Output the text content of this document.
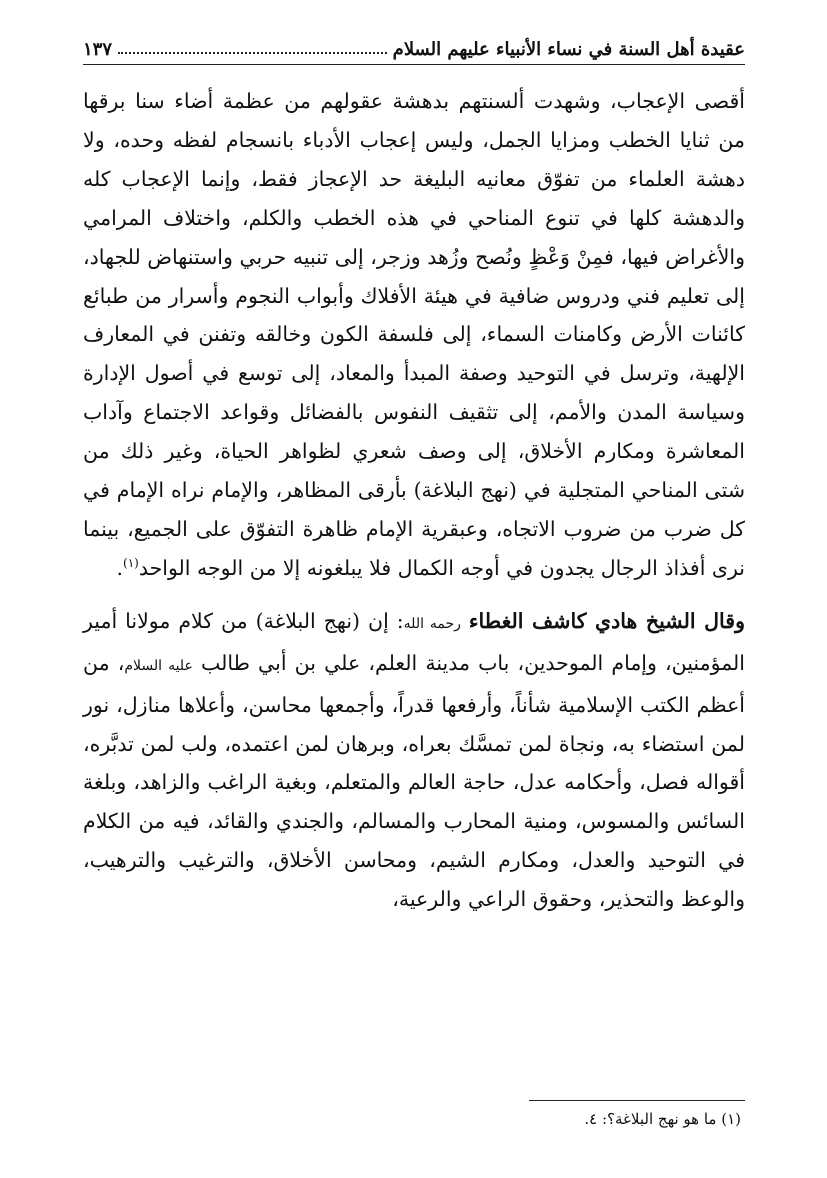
عقيدة أهل السنة في نساء الأنبياء عليهم السلام
١٣٧

أقصى الإعجاب، وشهدت ألسنتهم بدهشة عقولهم من عظمة أضاء سنا برقها من ثنايا الخطب ومزايا الجمل، وليس إعجاب الأدباء بانسجام لفظه وحده، ولا دهشة العلماء من تفوّق معانيه البليغة حد الإعجاز فقط، وإنما الإعجاب كله والدهشة كلها في تنوع المناحي في هذه الخطب والكلم، واختلاف المرامي والأغراض فيها، فمِنْ وَعْظٍ ونُصح وزُهد وزجر، إلى تنبيه حربي واستنهاض للجهاد، إلى تعليم فني ودروس ضافية في هيئة الأفلاك وأبواب النجوم وأسرار من طبائع كائنات الأرض وكامنات السماء، إلى فلسفة الكون وخالقه وتفنن في المعارف الإلهية، وترسل في التوحيد وصفة المبدأ والمعاد، إلى توسع في أصول الإدارة وسياسة المدن والأمم، إلى تثقيف النفوس بالفضائل وقواعد الاجتماع وآداب المعاشرة ومكارم الأخلاق، إلى وصف شعري لظواهر الحياة، وغير ذلك من شتى المناحي المتجلية في (نهج البلاغة) بأرقى المظاهر، والإمام نراه الإمام في كل ضرب من ضروب الاتجاه، وعبقرية الإمام ظاهرة التفوّق على الجميع، بينما نرى أفذاذ الرجال يجدون في أوجه الكمال فلا يبلغونه إلا من الوجه الواحد$^{(١)}$.

وقال الشيخ هادي كاشف الغطاء رحمه الله: إن (نهج البلاغة) من كلام مولانا أمير المؤمنين، وإمام الموحدين، باب مدينة العلم، علي بن أبي طالب عليه السلام، من أعظم الكتب الإسلامية شأناً، وأرفعها قدراً، وأجمعها محاسن، وأعلاها منازل، نور لمن استضاء به، ونجاة لمن تمسَّك بعراه، وبرهان لمن اعتمده، ولب لمن تدبَّره، أقواله فصل، وأحكامه عدل، حاجة العالم والمتعلم، وبغية الراغب والزاهد، وبلغة السائس والمسوس، ومنية المحارب والمسالم، والجندي والقائد، فيه من الكلام في التوحيد والعدل، ومكارم الشيم، ومحاسن الأخلاق، والترغيب والترهيب، والوعظ والتحذير، وحقوق الراعي والرعية،

(١) ما هو نهج البلاغة؟: ٤.
